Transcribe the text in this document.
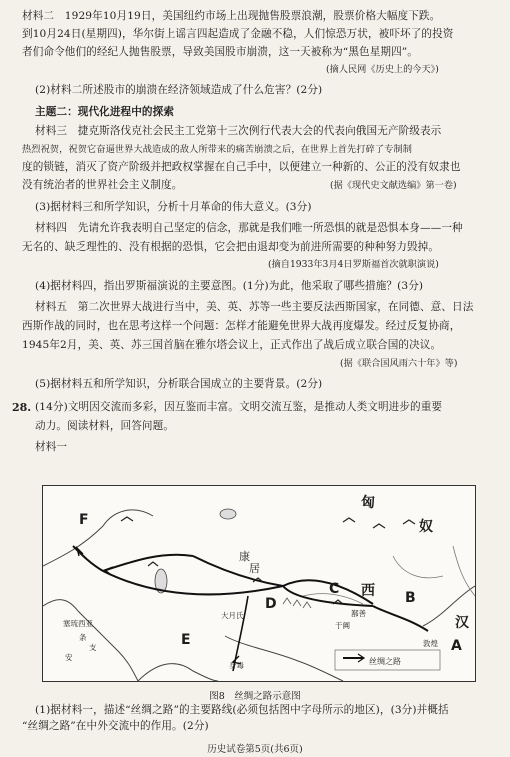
材料二　1929年10月19日，美国纽约市场上出现抛售股票浪潮，股票价格大幅度下跌。
到10月24日(星期四)，华尔街上谣言四起造成了金融不稳，人们惊恐万状，被吓坏了的投资
者们命令他们的经纪人抛售股票，导致美国股市崩溃，这一天被称为“黑色星期四”。
(摘人民网《历史上的今天》)
(2)材料二所述股市的崩溃在经济领域造成了什么危害？(2分)
主题二：现代化进程中的探索
材料三　捷克斯洛伐克社会民主工党第十三次例行代表大会的代表向俄国无产阶级表示
热烈祝贺，祝贺它奋逼世界大战造成的敌人所带来的痛苦崩溃之后，在世界上首先打碎了专制制
度的锁链，消灭了资产阶级并把政权掌握在自己手中，以便建立一种新的、公正的没有奴隶也
没有统治者的世界社会主义制度。	(据《现代史文献选编》第一卷)
(3)据材料三和所学知识，分析十月革命的伟大意义。(3分)
材料四　先请允许我表明自己坚定的信念，那就是我们唯一所恐惧的就是恐惧本身——一种
无名的、缺乏理性的、没有根据的恐惧，它会把由退却变为前进所需要的种种努力毁掉。
(摘自1933年3月4日罗斯福首次就职演说)
(4)据材料四，指出罗斯福演说的主要意图。(1分)为此，他采取了哪些措施？(3分)
材料五　第二次世界大战进行当中，美、英、苏等一些主要反法西斯国家，在同德、意、日法
西斯作战的同时，也在思考这样一个问题：怎样才能避免世界大战再度爆发。经过反复协商，
1945年2月，美、英、苏三国首脑在雅尔塔会议上，正式作出了战后成立联合国的决议。
(据《联合国风雨六十年》等)
(5)据材料五和所学知识，分析联合国成立的主要背景。(2分)
28. (14分)文明因交流而多彩，因互鉴而丰富。文明交流互鉴，是推动人类文明进步的重要
动力。阅读材料，回答问题。
材料一
匈
奴
西
汉
康
居
大月氏
于阗
敦煌
鄯善
塞琉西亚
条
支
身毒
安
A
B
C
D
E
F
丝绸之路
图8　丝绸之路示意图
(1)据材料一，描述“丝绸之路”的主要路线(必须包括图中字母所示的地区)，(3分)并概括
“丝绸之路”在中外交流中的作用。(2分)
历史试卷第5页(共6页)
